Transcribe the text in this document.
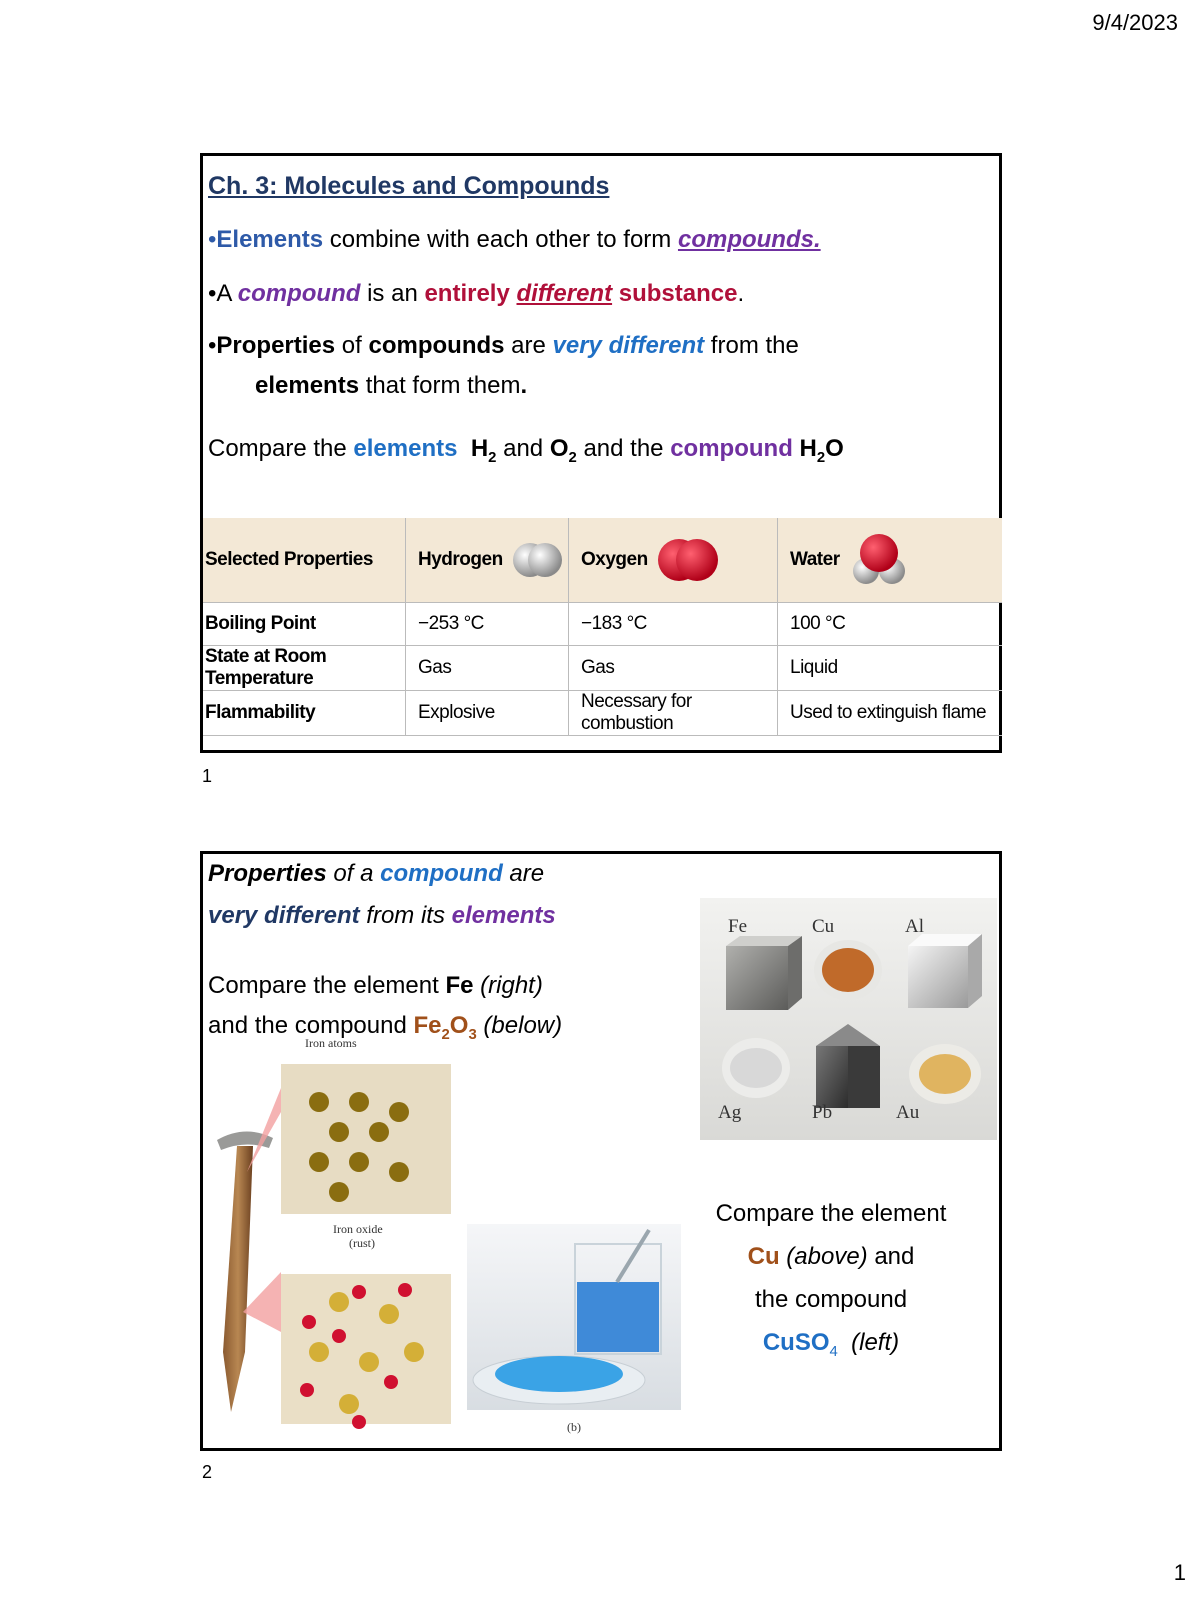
9/4/2023
1
Ch. 3: Molecules and Compounds
•Elements combine with each other to form compounds.
•A compound is an entirely different substance.
•Properties of compounds are very different from the
elements that form them.
Compare the elements $H_2$ and $O_2$ and the compound $H_2O$
Selected Properties	Hydrogen	Oxygen	Water

Boiling Point	−253 °C	−183 °C	100 °C
State at Room Temperature	Gas	Gas	Liquid
Flammability	Explosive	Necessary for combustion	Used to extinguish flame
1
Properties of a compound are
very different from its elements
Compare the element Fe (right)
and the compound $Fe_2O_3$ (below)
Fe	Cu	Al
Ag	Pb	Au
Iron atoms
Iron oxide
(rust)
(b)
Compare the element
Cu (above) and
the compound
CuSO$_4$  (left)
2
